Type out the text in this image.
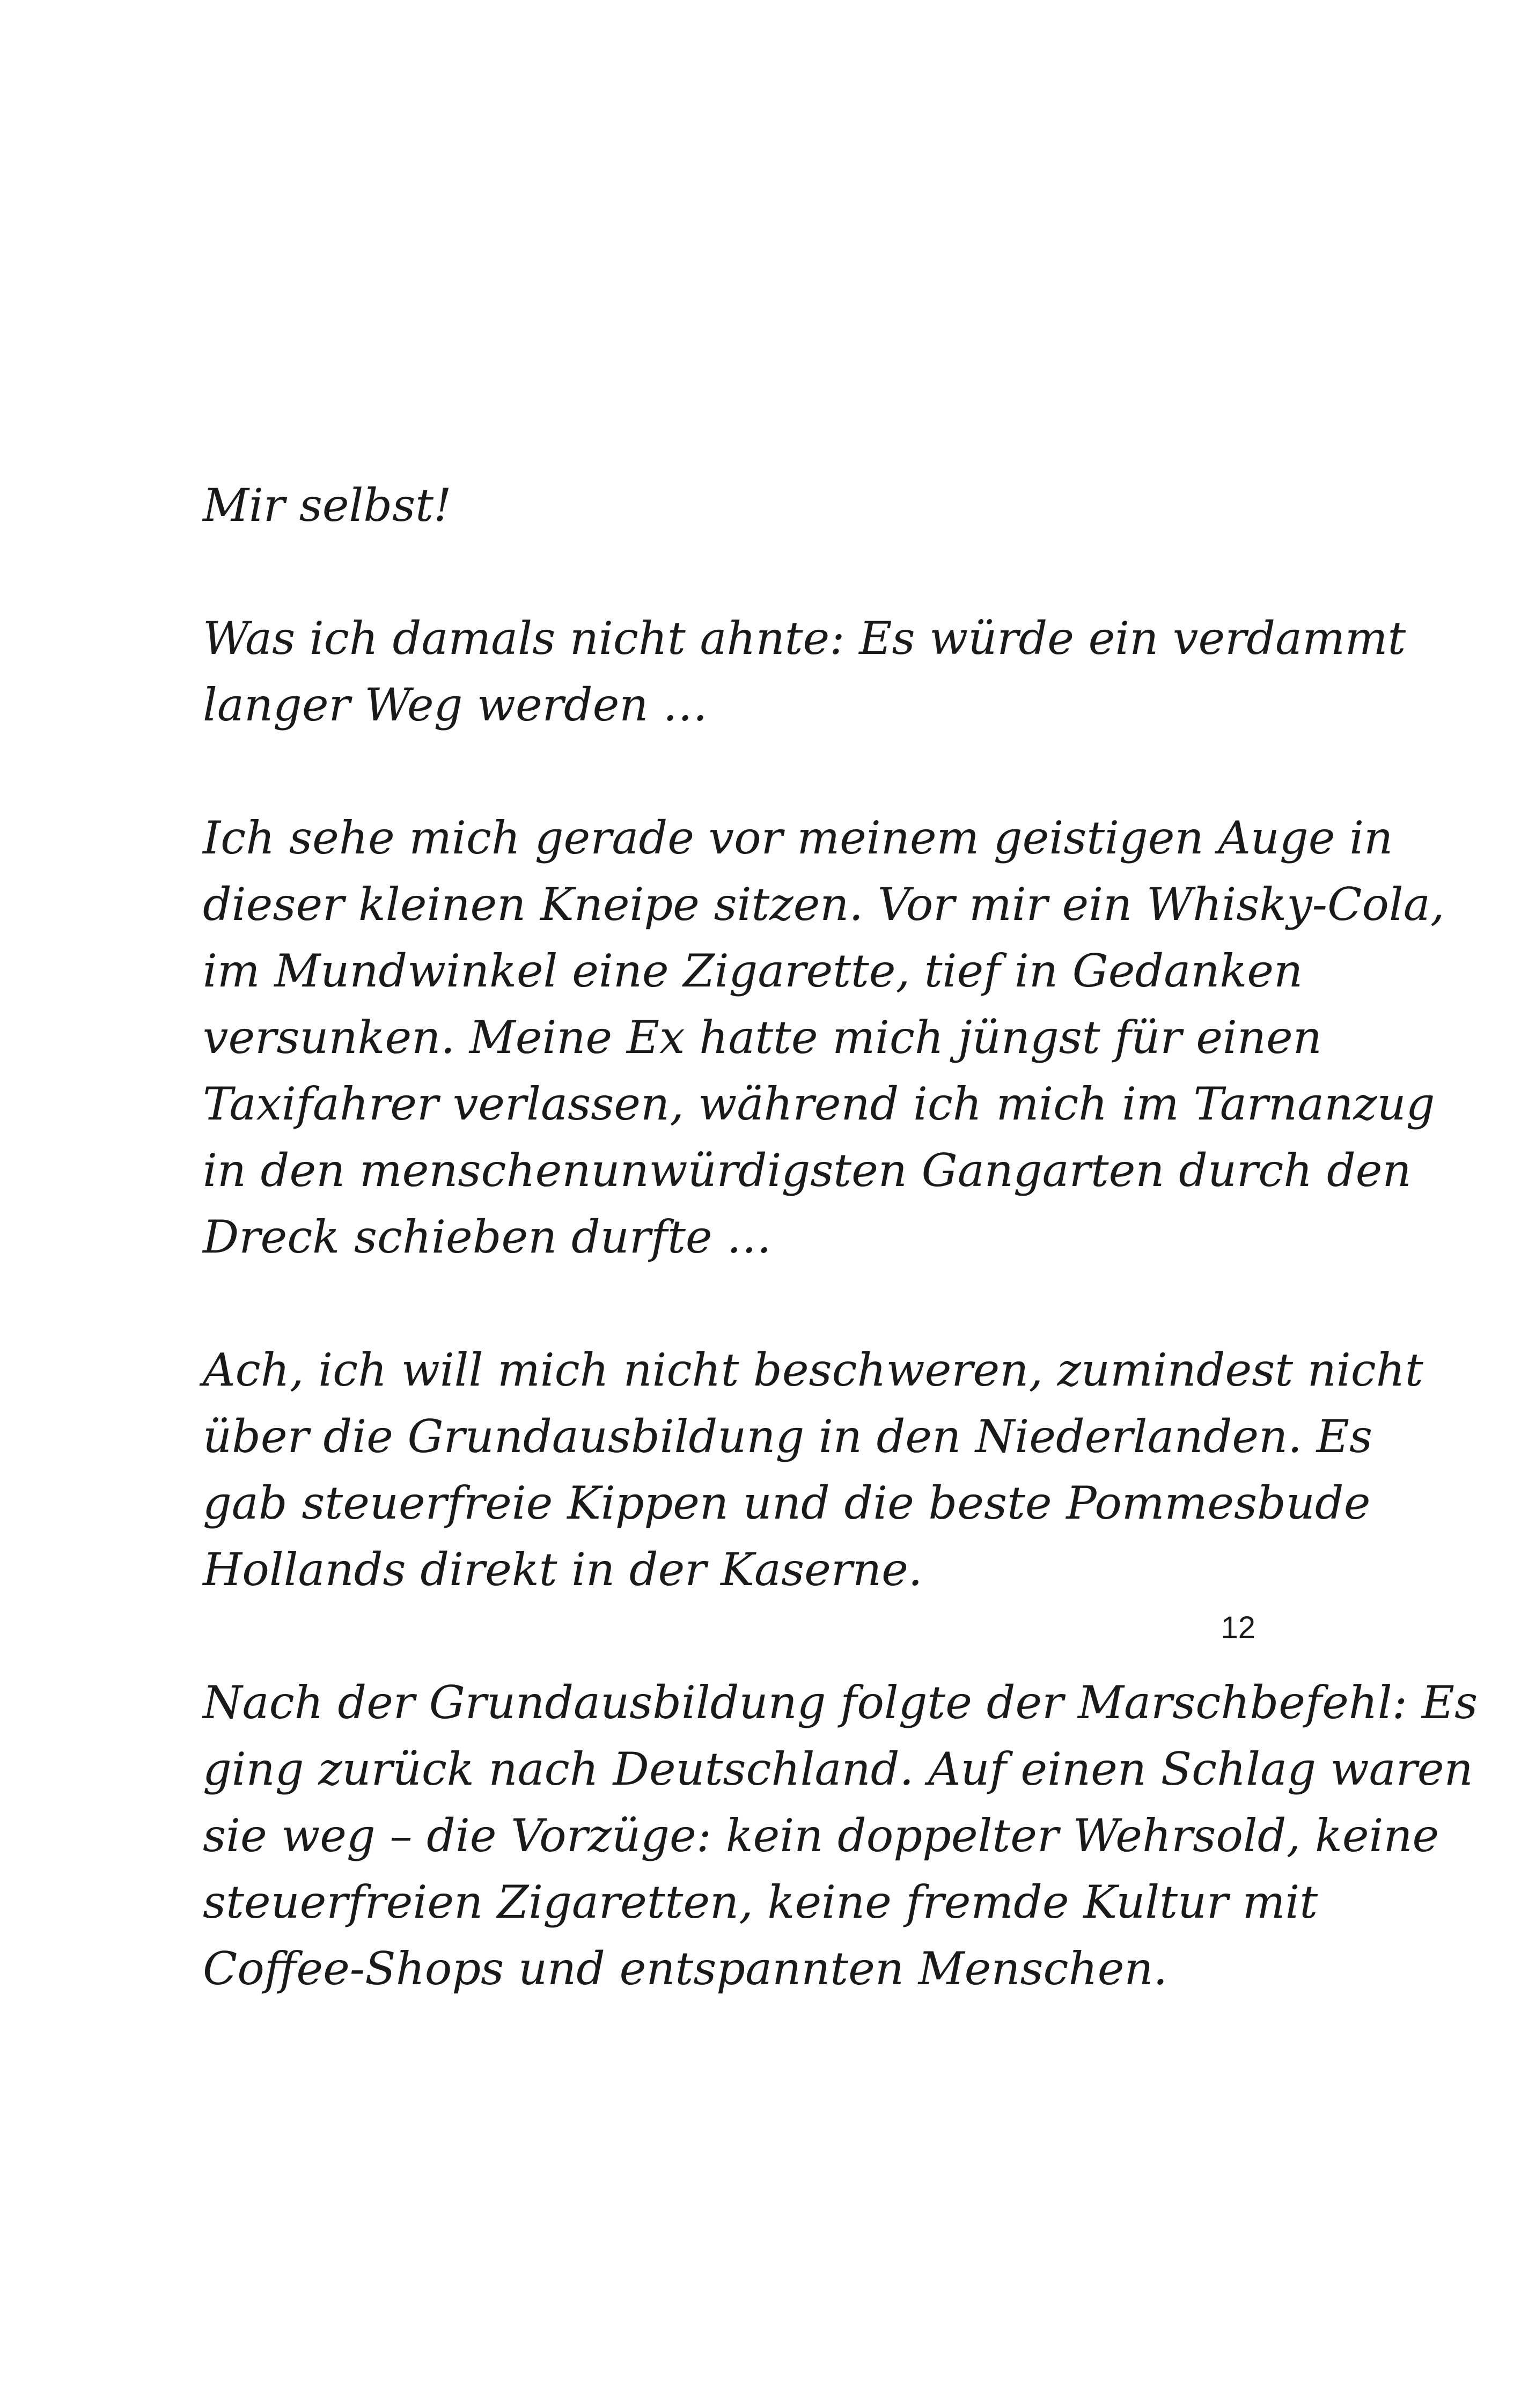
Mir selbst!

Was ich damals nicht ahnte: Es würde ein verdammt
langer Weg werden …

Ich sehe mich gerade vor meinem geistigen Auge in
dieser kleinen Kneipe sitzen. Vor mir ein Whisky-Cola,
im Mundwinkel eine Zigarette, tief in Gedanken
versunken. Meine Ex hatte mich jüngst für einen
Taxifahrer verlassen, während ich mich im Tarnanzug
in den menschenunwürdigsten Gangarten durch den
Dreck schieben durfte …

Ach, ich will mich nicht beschweren, zumindest nicht
über die Grundausbildung in den Niederlanden. Es
gab steuerfreie Kippen und die beste Pommesbude
Hollands direkt in der Kaserne.

Nach der Grundausbildung folgte der Marschbefehl: Es
ging zurück nach Deutschland. Auf einen Schlag waren
sie weg – die Vorzüge: kein doppelter Wehrsold, keine
steuerfreien Zigaretten, keine fremde Kultur mit
Coffee-Shops und entspannten Menschen.

12
